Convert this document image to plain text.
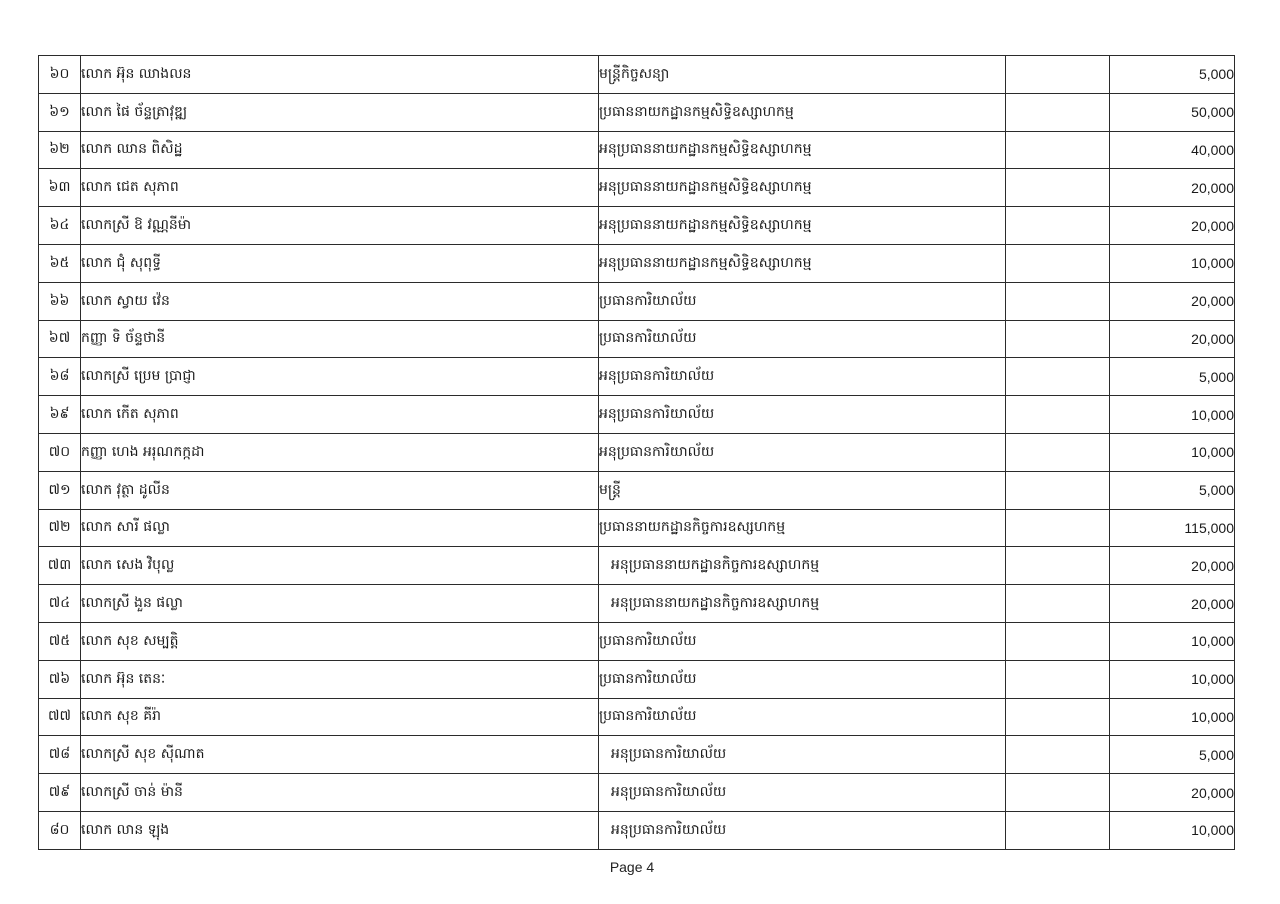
៦០	លោក អ៊ុន ឈាងលន	មន្ត្រីកិច្ចសន្យា		5,000
៦១	លោក ផៃ ច័ន្ទត្រាវុឌ្ឍ	ប្រធាននាយកដ្ឋានកម្មសិទ្ធិឧស្សាហកម្ម		50,000
៦២	លោក ឈាន ពិសិដ្ឋ	អនុប្រធាននាយកដ្ឋានកម្មសិទ្ធិឧស្សាហកម្ម		40,000
៦៣	លោក ជេត សុភាព	អនុប្រធាននាយកដ្ឋានកម្មសិទ្ធិឧស្សាហកម្ម		20,000
៦៤	លោកស្រី ឱ វណ្ណនីម៉ា	អនុប្រធាននាយកដ្ឋានកម្មសិទ្ធិឧស្សាហកម្ម		20,000
៦៥	លោក ជុំ សុពុទ្ធី	អនុប្រធាននាយកដ្ឋានកម្មសិទ្ធិឧស្សាហកម្ម		10,000
៦៦	លោក ស្វាយ វ៉េន	ប្រធានការិយាល័យ		20,000
៦៧	កញ្ញា ទិ ច័ន្ទថានី	ប្រធានការិយាល័យ		20,000
៦៨	លោកស្រី ប្រេម ប្រាជ្ញា	អនុប្រធានការិយាល័យ		5,000
៦៩	លោក កើត សុភាព	អនុប្រធានការិយាល័យ		10,000
៧០	កញ្ញា ហេង អរុណកក្កដា	អនុប្រធានការិយាល័យ		10,000
៧១	លោក វុត្ថា ដូលីន	មន្ត្រី		5,000
៧២	លោក សារី ផល្លា	ប្រធាននាយកដ្ឋានកិច្ចការឧស្សហកម្ម		115,000
៧៣	លោក សេង វិបុល្ល	អនុប្រធាននាយកដ្ឋានកិច្ចការឧស្សាហកម្ម		20,000
៧៤	លោកស្រី ងួន ផល្លា	អនុប្រធាននាយកដ្ឋានកិច្ចការឧស្សាហកម្ម		20,000
៧៥	លោក សុខ សម្បត្តិ	ប្រធានការិយាល័យ		10,000
៧៦	លោក អ៊ុន តេនៈ	ប្រធានការិយាល័យ		10,000
៧៧	លោក សុខ គីរ៉ា	ប្រធានការិយាល័យ		10,000
៧៨	លោកស្រី សុខ ស៊ីណាត	អនុប្រធានការិយាល័យ		5,000
៧៩	លោកស្រី ចាន់ ម៉ានី	អនុប្រធានការិយាល័យ		20,000
៨០	លោក លាន ឡុង	អនុប្រធានការិយាល័យ		10,000
Page 4
